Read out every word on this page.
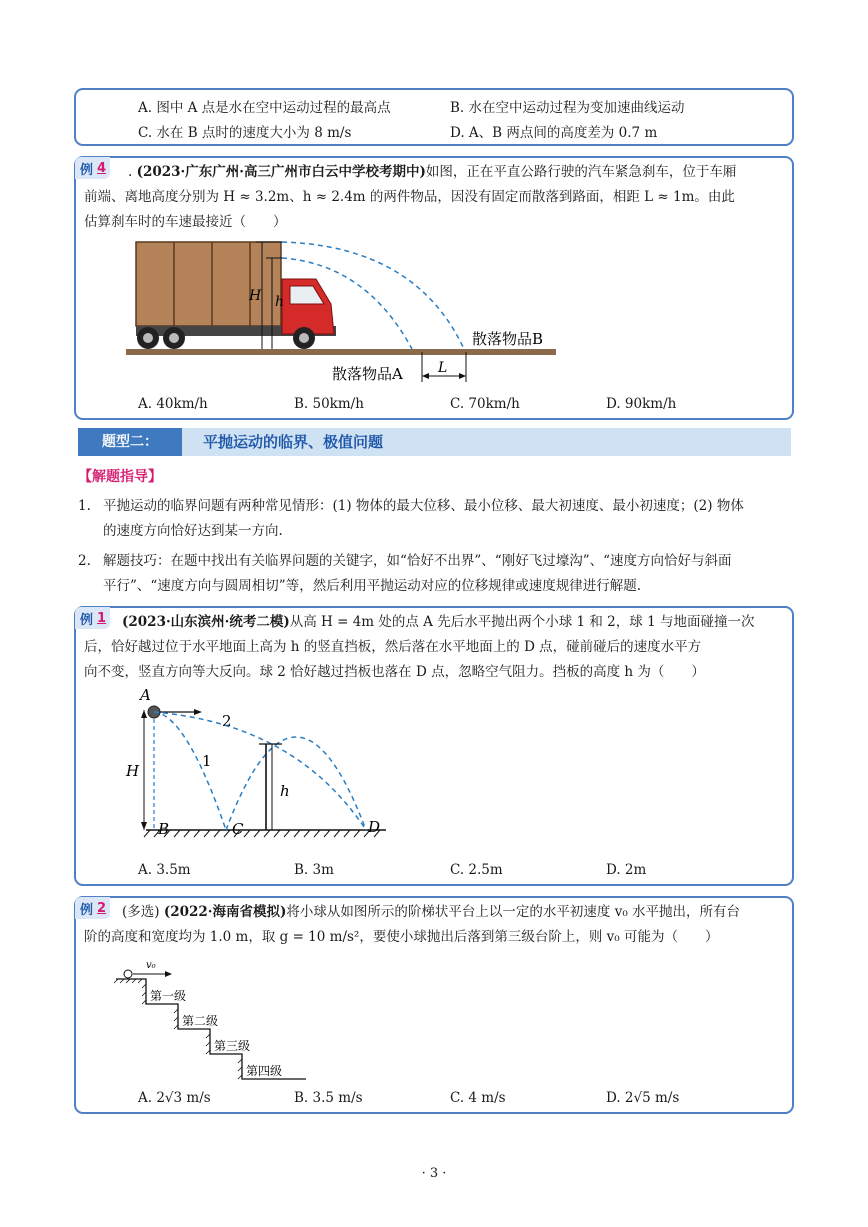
A. 图中 A 点是水在空中运动过程的最高点	B. 水在空中运动过程为变加速曲线运动
C. 水在 B 点时的速度大小为 8 m/s	D. A、B 两点间的高度差为 0.7 m
例 4	. (2023·广东广州·高三广州市白云中学校考期中)如图，正在平直公路行驶的汽车紧急刹车，位于车厢
前端、离地高度分别为 H ≈ 3.2m、h ≈ 2.4m 的两件物品，因没有固定而散落到路面，相距 L ≈ 1m。由此
估算刹车时的车速最接近（　　）
H h
L
散落物品A
散落物品B
A. 40km/h	B. 50km/h	C. 70km/h	D. 90km/h
题型二：	平抛运动的临界、极值问题
【解题指导】
1. 平抛运动的临界问题有两种常见情形：(1) 物体的最大位移、最小位移、最大初速度、最小初速度；(2) 物体
的速度方向恰好达到某一方向.
2. 解题技巧：在题中找出有关临界问题的关键字，如“恰好不出界”、“刚好飞过壕沟”、“速度方向恰好与斜面
平行”、“速度方向与圆周相切”等，然后利用平抛运动对应的位移规律或速度规律进行解题.
例 1	(2023·山东滨州·统考二模)从高 H = 4m 处的点 A 先后水平抛出两个小球 1 和 2，球 1 与地面碰撞一次
后，恰好越过位于水平地面上高为 h 的竖直挡板，然后落在水平地面上的 D 点，碰前碰后的速度水平方
向不变，竖直方向等大反向。球 2 恰好越过挡板也落在 D 点，忽略空气阻力。挡板的高度 h 为（　　）
H
A
B	C	D
1
2
h
A. 3.5m	B. 3m	C. 2.5m	D. 2m
例 2	(多选) (2022·海南省模拟)将小球从如图所示的阶梯状平台上以一定的水平初速度 v₀ 水平抛出，所有台
阶的高度和宽度均为 1.0 m，取 g = 10 m/s²，要使小球抛出后落到第三级台阶上，则 v₀ 可能为（　　）
v₀
第一级
第二级
第三级
第四级
A. 2√3 m/s	B. 3.5 m/s	C. 4 m/s	D. 2√5 m/s
· 3 ·
